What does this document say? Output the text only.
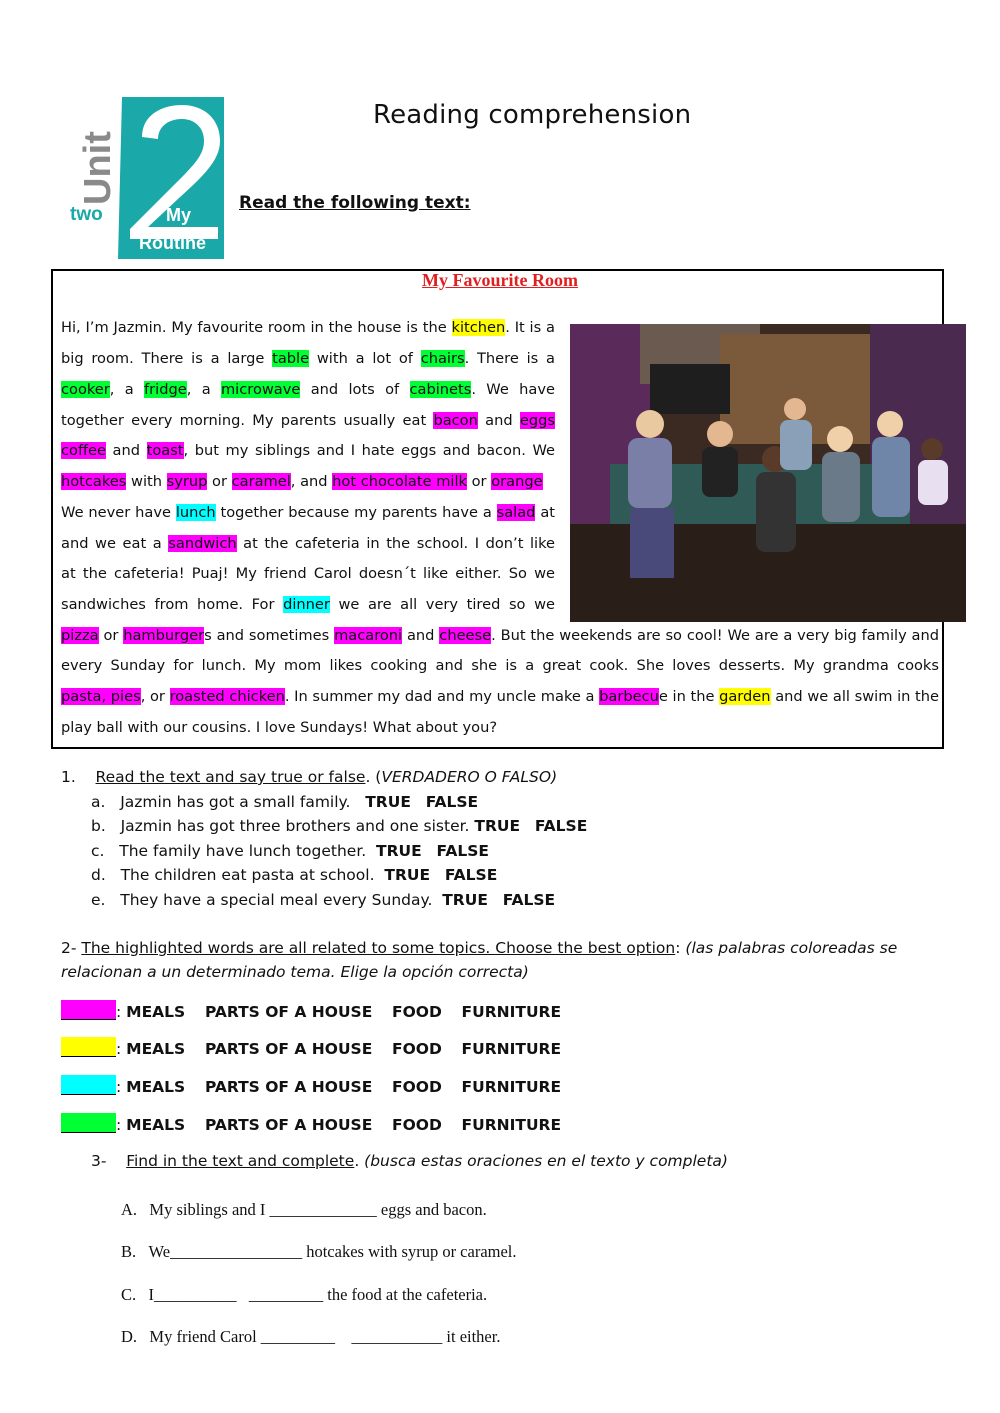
Unit
two	My
Routine
Reading comprehension
Read the following text:
My Favourite Room
Hi, I’m Jazmin. My favourite room in the house is the kitchen. It is a
big room. There is a large table with a lot of chairs. There is a
cooker, a fridge, a microwave and lots of cabinets. We have
together every morning. My parents usually eat bacon and eggs
coffee and toast, but my siblings and I hate eggs and bacon. We
hotcakes with syrup or caramel, and hot chocolate milk or orange
We never have lunch together because my parents have a salad at
and we eat a sandwich at the cafeteria in the school. I don’t like
at the cafeteria! Puaj! My friend Carol doesn´t like either. So we
sandwiches from home. For dinner we are all very tired so we
pizza or hamburgers and sometimes macaroni and cheese. But the weekends are so cool! We are a very big family and
every Sunday for lunch. My mom likes cooking and she is a great cook. She loves desserts. My grandma cooks
pasta, pies, or roasted chicken. In summer my dad and my uncle make a barbecue in the garden and we all swim in the
play ball with our cousins. I love Sundays! What about you?
1. Read the text and say true or false. (VERDADERO O FALSO)
a. Jazmin has got a small family.   TRUE FALSE
b. Jazmin has got three brothers and one sister. TRUE FALSE
c. The family have lunch together.  TRUE FALSE
d. The children eat pasta at school.  TRUE FALSE
e. They have a special meal every Sunday.  TRUE FALSE
2- The highlighted words are all related to some topics. Choose the best option: (las palabras coloreadas se
relacionan a un determinado tema. Elige la opción correcta)
: MEALS PARTS OF A HOUSE FOOD FURNITURE
: MEALS PARTS OF A HOUSE FOOD FURNITURE
: MEALS PARTS OF A HOUSE FOOD FURNITURE
: MEALS PARTS OF A HOUSE FOOD FURNITURE
3- Find in the text and complete. (busca estas oraciones en el texto y completa)
A. My siblings and I _____________ eggs and bacon.
B. We________________ hotcakes with syrup or caramel.
C. I__________   _________ the food at the cafeteria.
D. My friend Carol _________    ___________ it either.
